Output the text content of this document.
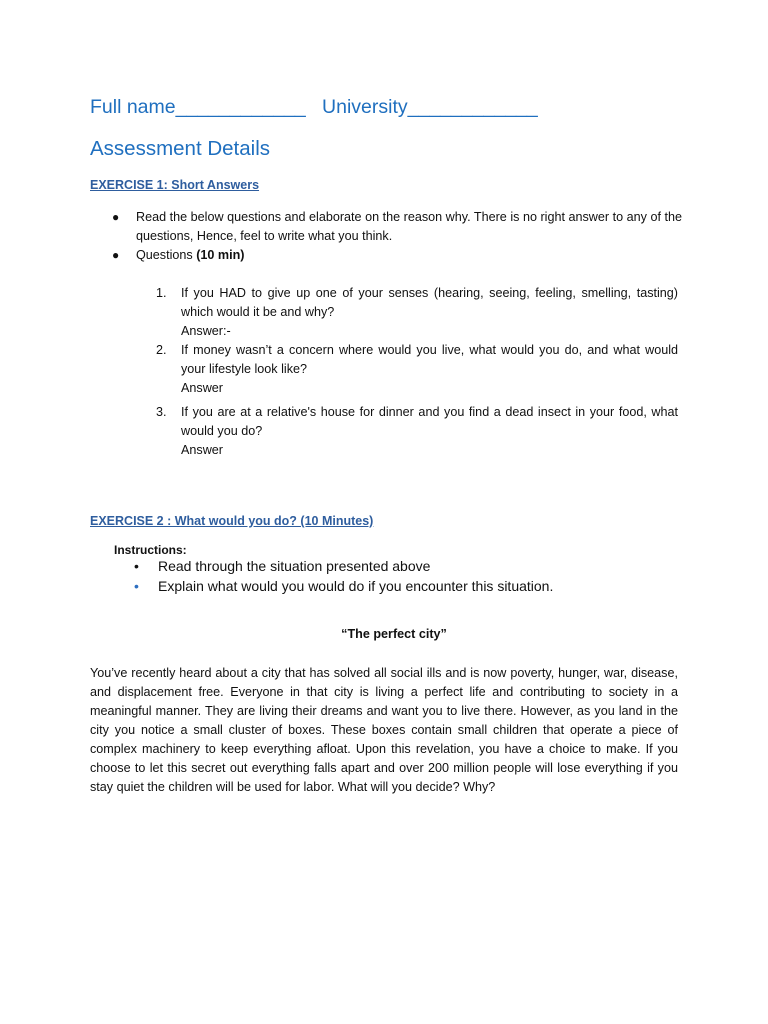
Full name____________ University____________
Assessment Details
EXERCISE 1: Short Answers
●	Read the below questions and elaborate on the reason why. There is no right answer to any of the questions, Hence, feel to write what you think.
●	Questions (10 min)
1.	If you HAD to give up one of your senses (hearing, seeing, feeling, smelling, tasting) which would it be and why?
Answer:-
2.	If money wasn’t a concern where would you live, what would you do, and what would your lifestyle look like?
Answer
3.	If you are at a relative's house for dinner and you find a dead insect in your food, what would you do?
Answer
EXERCISE 2 : What would you do? (10 Minutes)
Instructions:
•	Read through the situation presented above
•	Explain what would you would do if you encounter this situation.
“The perfect city”
You’ve recently heard about a city that has solved all social ills and is now poverty, hunger, war, disease, and displacement free. Everyone in that city is living a perfect life and contributing to society in a meaningful manner. They are living their dreams and want you to live there. However, as you land in the city you notice a small cluster of boxes. These boxes contain small children that operate a piece of complex machinery to keep everything afloat. Upon this revelation, you have a choice to make. If you choose to let this secret out everything falls apart and over 200 million people will lose everything if you stay quiet the children will be used for labor. What will you decide? Why?
